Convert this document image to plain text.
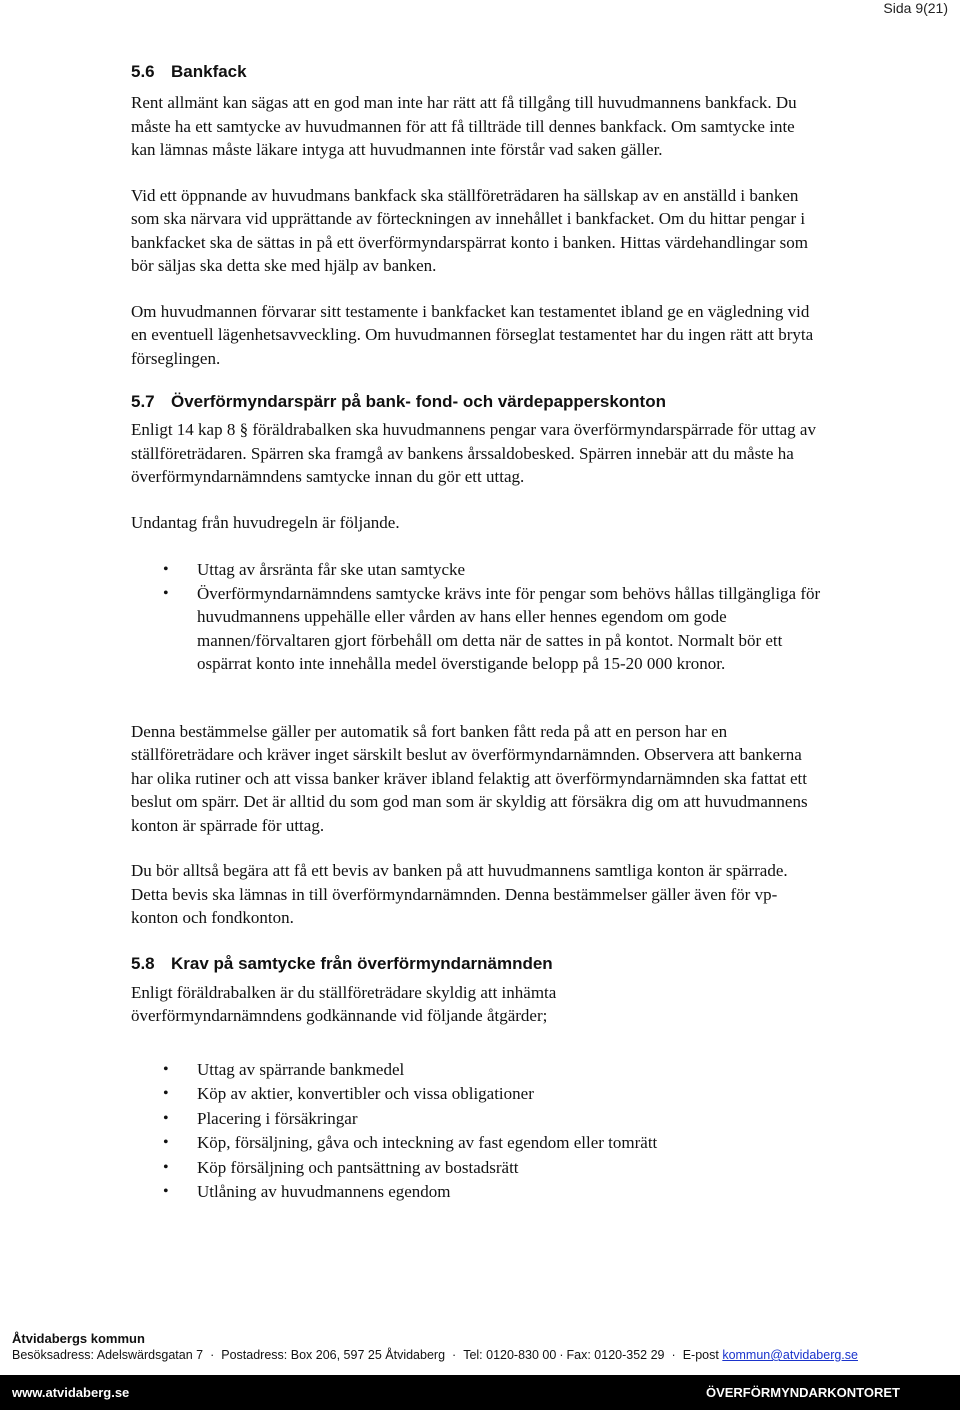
Sida 9(21)
5.6 Bankfack

Rent allmänt kan sägas att en god man inte har rätt att få tillgång till huvudmannens bankfack. Du måste ha ett samtycke av huvudmannen för att få tillträde till dennes bankfack. Om samtycke inte kan lämnas måste läkare intyga att huvudmannen inte förstår vad saken gäller.

Vid ett öppnande av huvudmans bankfack ska ställföreträdaren ha sällskap av en anställd i banken som ska närvara vid upprättande av förteckningen av innehållet i bankfacket. Om du hittar pengar i bankfacket ska de sättas in på ett överförmyndarspärrat konto i banken. Hittas värdehandlingar som bör säljas ska detta ske med hjälp av banken.

Om huvudmannen förvarar sitt testamente i bankfacket kan testamentet ibland ge en vägledning vid en eventuell lägenhetsavveckling. Om huvudmannen förseglat testamentet har du ingen rätt att bryta förseglingen.

5.7 Överförmyndarspärr på bank- fond- och värdepapperskonton

Enligt 14 kap 8 § föräldrabalken ska huvudmannens pengar vara överförmyndarspärrade för uttag av ställföreträdaren. Spärren ska framgå av bankens årssaldobesked. Spärren innebär att du måste ha överförmyndarnämndens samtycke innan du gör ett uttag.

Undantag från huvudregeln är följande.

• Uttag av årsränta får ske utan samtycke
• Överförmyndarnämndens samtycke krävs inte för pengar som behövs hållas tillgängliga för huvudmannens uppehälle eller vården av hans eller hennes egendom om gode mannen/förvaltaren gjort förbehåll om detta när de sattes in på kontot. Normalt bör ett ospärrat konto inte innehålla medel överstigande belopp på 15-20 000 kronor.

Denna bestämmelse gäller per automatik så fort banken fått reda på att en person har en ställföreträdare och kräver inget särskilt beslut av överförmyndarnämnden. Observera att bankerna har olika rutiner och att vissa banker kräver ibland felaktig att överförmyndarnämnden ska fattat ett beslut om spärr. Det är alltid du som god man som är skyldig att försäkra dig om att huvudmannens konton är spärrade för uttag.

Du bör alltså begära att få ett bevis av banken på att huvudmannens samtliga konton är spärrade. Detta bevis ska lämnas in till överförmyndarnämnden. Denna bestämmelser gäller även för vp-konton och fondkonton.

5.8 Krav på samtycke från överförmyndarnämnden

Enligt föräldrabalken är du ställföreträdare skyldig att inhämta överförmyndarnämndens godkännande vid följande åtgärder;

• Uttag av spärrande bankmedel
• Köp av aktier, konvertibler och vissa obligationer
• Placering i försäkringar
• Köp, försäljning, gåva och inteckning av fast egendom eller tomrätt
• Köp försäljning och pantsättning av bostadsrätt
• Utlåning av huvudmannens egendom
Åtvidabergs kommun
Besöksadress: Adelswärdsgatan 7 · Postadress: Box 206, 597 25 Åtvidaberg · Tel: 0120-830 00 · Fax: 0120-352 29 · E-post kommun@atvidaberg.se
www.atvidaberg.se	ÖVERFÖRMYNDARKONTORET
